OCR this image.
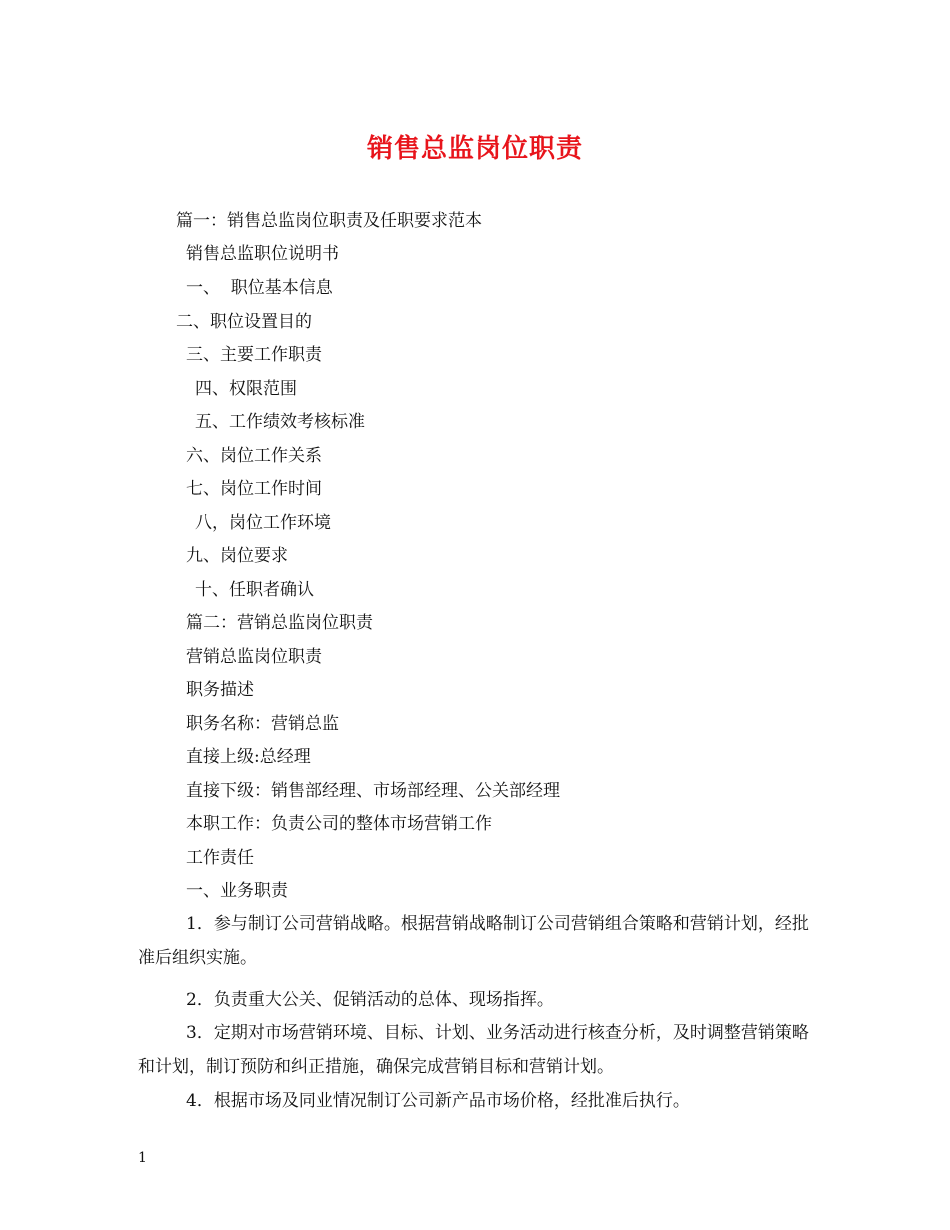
销售总监岗位职责
篇一：销售总监岗位职责及任职要求范本
销售总监职位说明书
一、  职位基本信息
二、职位设置目的
三、主要工作职责
四、权限范围
五、工作绩效考核标准
六、岗位工作关系
七、岗位工作时间
八，岗位工作环境
九、岗位要求
十、任职者确认
篇二：营销总监岗位职责
营销总监岗位职责
职务描述
职务名称：营销总监
直接上级:总经理
直接下级：销售部经理、市场部经理、公关部经理
本职工作：负责公司的整体市场营销工作
工作责任
一、业务职责
1．参与制订公司营销战略。根据营销战略制订公司营销组合策略和营销计划，经批准后组织实施。
2．负责重大公关、促销活动的总体、现场指挥。
3．定期对市场营销环境、目标、计划、业务活动进行核查分析，及时调整营销策略和计划，制订预防和纠正措施，确保完成营销目标和营销计划。
4．根据市场及同业情况制订公司新产品市场价格，经批准后执行。
1
